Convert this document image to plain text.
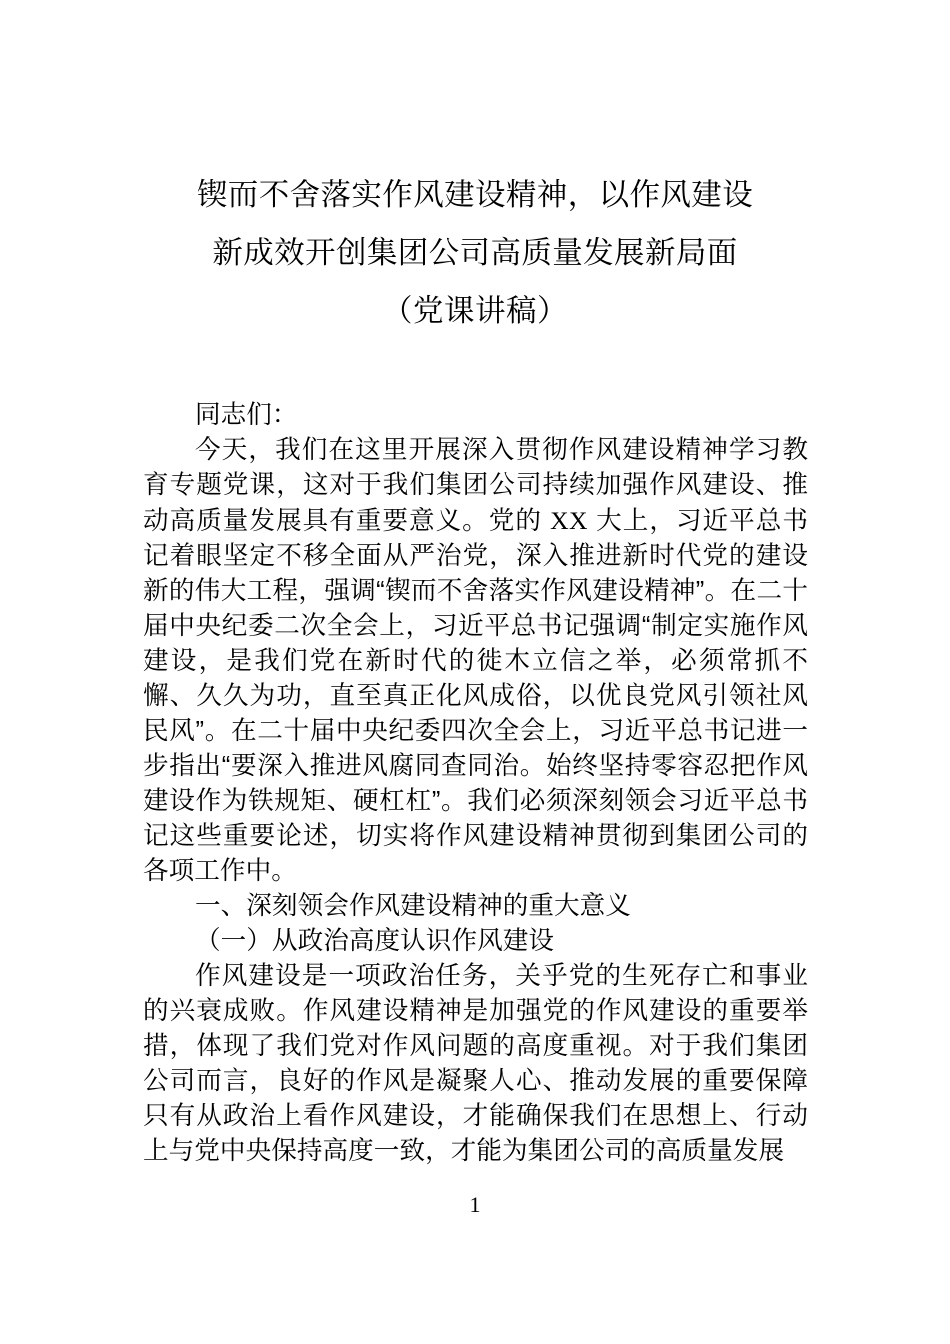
锲而不舍落实作风建设精神，以作风建设
新成效开创集团公司高质量发展新局面
（党课讲稿）

同志们：

今天，我们在这里开展深入贯彻作风建设精神学习教育专题党课，这对于我们集团公司持续加强作风建设、推动高质量发展具有重要意义。党的 XX 大上，习近平总书记着眼坚定不移全面从严治党，深入推进新时代党的建设新的伟大工程，强调“锲而不舍落实作风建设精神”。在二十届中央纪委二次全会上，习近平总书记强调“制定实施作风建设，是我们党在新时代的徙木立信之举，必须常抓不懈、久久为功，直至真正化风成俗，以优良党风引领社风民风”。在二十届中央纪委四次全会上，习近平总书记进一步指出“要深入推进风腐同查同治。始终坚持零容忍把作风建设作为铁规矩、硬杠杠”。我们必须深刻领会习近平总书记这些重要论述，切实将作风建设精神贯彻到集团公司的各项工作中。

一、深刻领会作风建设精神的重大意义

（一）从政治高度认识作风建设

作风建设是一项政治任务，关乎党的生死存亡和事业的兴衰成败。作风建设精神是加强党的作风建设的重要举措，体现了我们党对作风问题的高度重视。对于我们集团公司而言，良好的作风是凝聚人心、推动发展的重要保障只有从政治上看作风建设，才能确保我们在思想上、行动上与党中央保持高度一致，才能为集团公司的高质量发展

1
